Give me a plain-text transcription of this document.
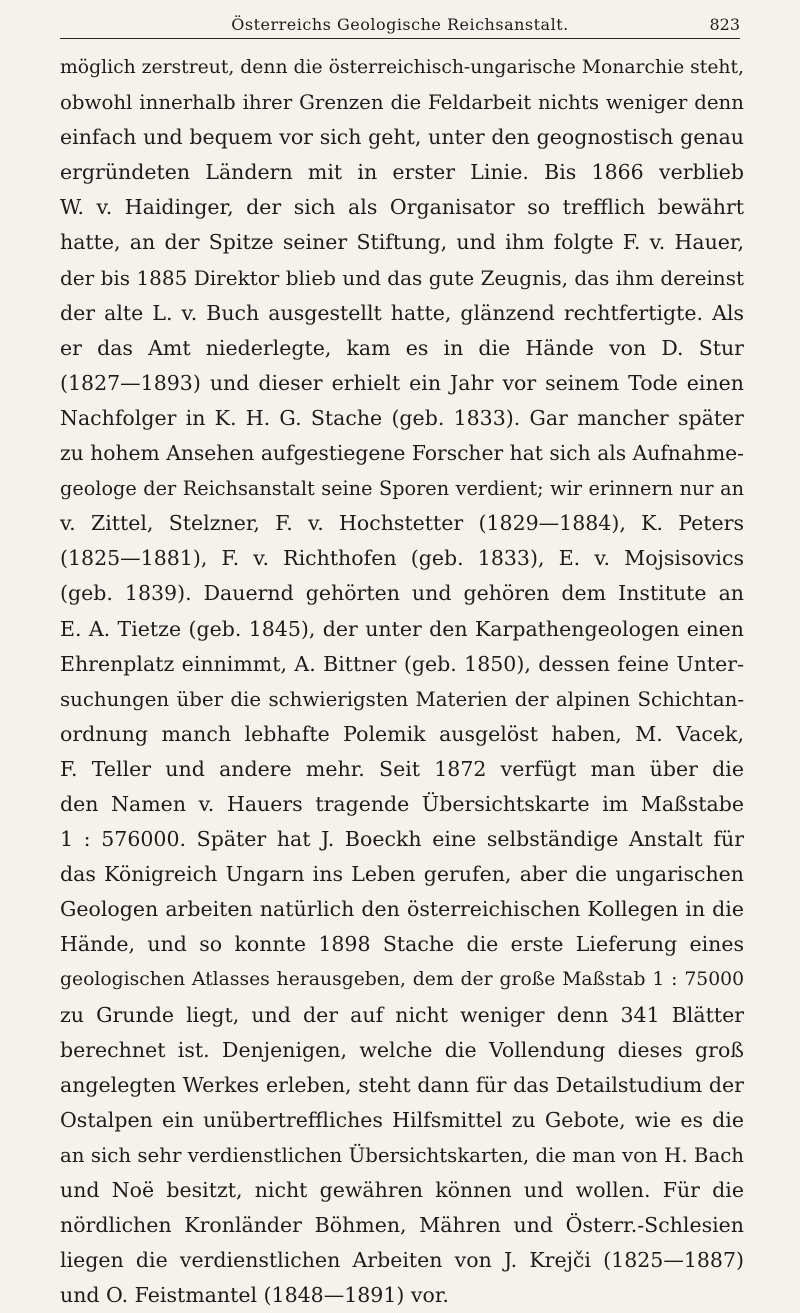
Österreichs Geologische Reichsanstalt.	823
möglich zerstreut, denn die österreichisch-ungarische Monarchie steht,
obwohl innerhalb ihrer Grenzen die Feldarbeit nichts weniger denn
einfach und bequem vor sich geht, unter den geognostisch genau
ergründeten Ländern mit in erster Linie. Bis 1866 verblieb
W. v. Haidinger, der sich als Organisator so trefflich bewährt
hatte, an der Spitze seiner Stiftung, und ihm folgte F. v. Hauer,
der bis 1885 Direktor blieb und das gute Zeugnis, das ihm dereinst
der alte L. v. Buch ausgestellt hatte, glänzend rechtfertigte. Als
er das Amt niederlegte, kam es in die Hände von D. Stur
(1827—1893) und dieser erhielt ein Jahr vor seinem Tode einen
Nachfolger in K. H. G. Stache (geb. 1833). Gar mancher später
zu hohem Ansehen aufgestiegene Forscher hat sich als Aufnahme-
geologe der Reichsanstalt seine Sporen verdient; wir erinnern nur an
v. Zittel, Stelzner, F. v. Hochstetter (1829—1884), K. Peters
(1825—1881), F. v. Richthofen (geb. 1833), E. v. Mojsisovics
(geb. 1839). Dauernd gehörten und gehören dem Institute an
E. A. Tietze (geb. 1845), der unter den Karpathengeologen einen
Ehrenplatz einnimmt, A. Bittner (geb. 1850), dessen feine Unter-
suchungen über die schwierigsten Materien der alpinen Schichtan-
ordnung manch lebhafte Polemik ausgelöst haben, M. Vacek,
F. Teller und andere mehr. Seit 1872 verfügt man über die
den Namen v. Hauers tragende Übersichtskarte im Maßstabe
1 : 576000. Später hat J. Boeckh eine selbständige Anstalt für
das Königreich Ungarn ins Leben gerufen, aber die ungarischen
Geologen arbeiten natürlich den österreichischen Kollegen in die
Hände, und so konnte 1898 Stache die erste Lieferung eines
geologischen Atlasses herausgeben, dem der große Maßstab 1 : 75000
zu Grunde liegt, und der auf nicht weniger denn 341 Blätter
berechnet ist. Denjenigen, welche die Vollendung dieses groß
angelegten Werkes erleben, steht dann für das Detailstudium der
Ostalpen ein unübertreffliches Hilfsmittel zu Gebote, wie es die
an sich sehr verdienstlichen Übersichtskarten, die man von H. Bach
und Noë besitzt, nicht gewähren können und wollen. Für die
nördlichen Kronländer Böhmen, Mähren und Österr.-Schlesien
liegen die verdienstlichen Arbeiten von J. Krejči (1825—1887)
und O. Feistmantel (1848—1891) vor.
